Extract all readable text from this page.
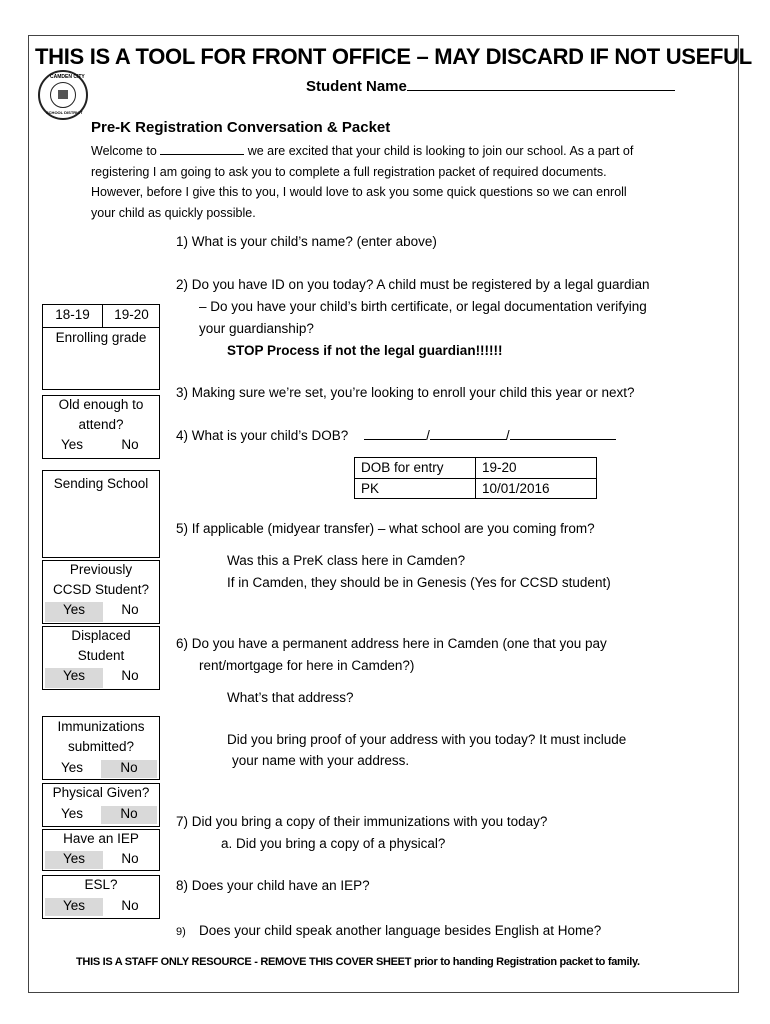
THIS IS A TOOL FOR FRONT OFFICE – MAY DISCARD IF NOT USEFUL
CAMDEN CITY
SCHOOL DISTRICT
Student Name
Pre-K Registration Conversation & Packet
Welcome to	we are excited that your child is looking to join our school. As a part of
registering I am going to ask you to complete a full registration packet of required documents.
However, before I give this to you, I would love to ask you some quick questions so we can enroll
your child as quickly possible.
1) What is your child’s name? (enter above)
2) Do you have ID on you today? A child must be registered by a legal guardian
– Do you have your child’s birth certificate, or legal documentation verifying
your guardianship?
STOP Process if not the legal guardian!!!!!!
3) Making sure we’re set, you’re looking to enroll your child this year or next?
4) What is your child’s DOB?	/	/
DOB for entry	19-20
PK	10/01/2016
5) If applicable (midyear transfer) – what school are you coming from?
Was this a PreK class here in Camden?
If in Camden, they should be in Genesis (Yes for CCSD student)
6) Do you have a permanent address here in Camden (one that you pay
rent/mortgage for here in Camden?)
What’s that address?
Did you bring proof of your address with you today? It must include
your name with your address.
7) Did you bring a copy of their immunizations with you today?
a. Did you bring a copy of a physical?
8) Does your child have an IEP?
9) Does your child speak another language besides English at Home?
18-19	19-20
Enrolling grade
Old enough to
attend?
Yes	No
Sending School
Previously
CCSD Student?
Yes	No
Displaced
Student
Yes	No
Immunizations
submitted?
Yes	No
Physical Given?
Yes	No
Have an IEP
Yes	No
ESL?
Yes	No
THIS IS A STAFF ONLY RESOURCE - REMOVE THIS COVER SHEET prior to handing Registration packet to family.
